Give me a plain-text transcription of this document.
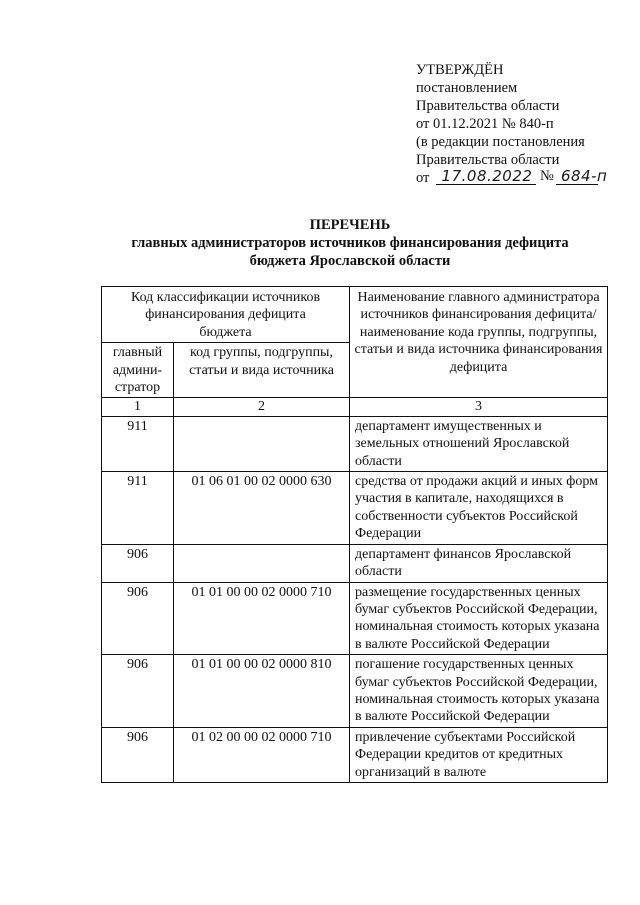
УТВЕРЖДЁН
постановлением
Правительства области
от 01.12.2021 № 840-п
(в редакции постановления
Правительства области
от 17.08.2022 № 684-п
ПЕРЕЧЕНЬ
главных администраторов источников финансирования дефицита
бюджета Ярославской области
Код классификации источников финансирования дефицита бюджета		Наименование главного администратора источников финансирования дефицита/ наименование кода группы, подгруппы, статьи и вида источника финансирования дефицита
главный админи-стратор	код группы, подгруппы, статьи и вида источника	
1	2	3
911		департамент имущественных и земельных отношений Ярославской области
911	01 06 01 00 02 0000 630	средства от продажи акций и иных форм участия в капитале, находящихся в собственности субъектов Российской Федерации
906		департамент финансов Ярославской области
906	01 01 00 00 02 0000 710	размещение государственных ценных бумаг субъектов Российской Федерации, номинальная стоимость которых указана в валюте Российской Федерации
906	01 01 00 00 02 0000 810	погашение государственных ценных бумаг субъектов Российской Федерации, номинальная стоимость которых указана в валюте Российской Федерации
906	01 02 00 00 02 0000 710	привлечение субъектами Российской Федерации кредитов от кредитных организаций в валюте
